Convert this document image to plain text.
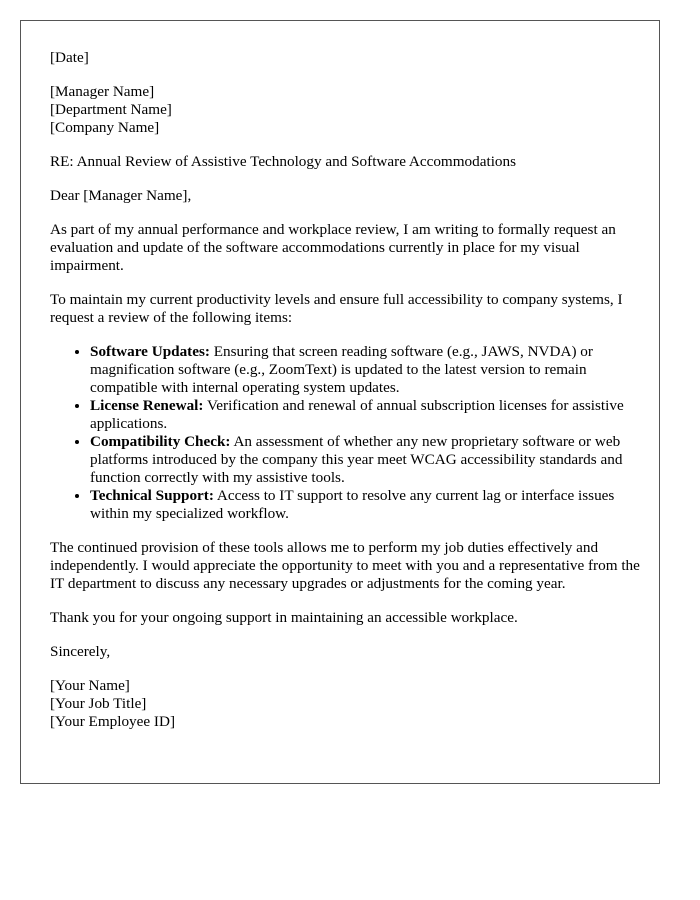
[Date]

[Manager Name]
[Department Name]
[Company Name]

RE: Annual Review of Assistive Technology and Software Accommodations

Dear [Manager Name],

As part of my annual performance and workplace review, I am writing to formally request an evaluation and update of the software accommodations currently in place for my visual impairment.

To maintain my current productivity levels and ensure full accessibility to company systems, I request a review of the following items:

• Software Updates: Ensuring that screen reading software (e.g., JAWS, NVDA) or magnification software (e.g., ZoomText) is updated to the latest version to remain compatible with internal operating system updates.
• License Renewal: Verification and renewal of annual subscription licenses for assistive applications.
• Compatibility Check: An assessment of whether any new proprietary software or web platforms introduced by the company this year meet WCAG accessibility standards and function correctly with my assistive tools.
• Technical Support: Access to IT support to resolve any current lag or interface issues within my specialized workflow.

The continued provision of these tools allows me to perform my job duties effectively and independently. I would appreciate the opportunity to meet with you and a representative from the IT department to discuss any necessary upgrades or adjustments for the coming year.

Thank you for your ongoing support in maintaining an accessible workplace.

Sincerely,

[Your Name]
[Your Job Title]
[Your Employee ID]
